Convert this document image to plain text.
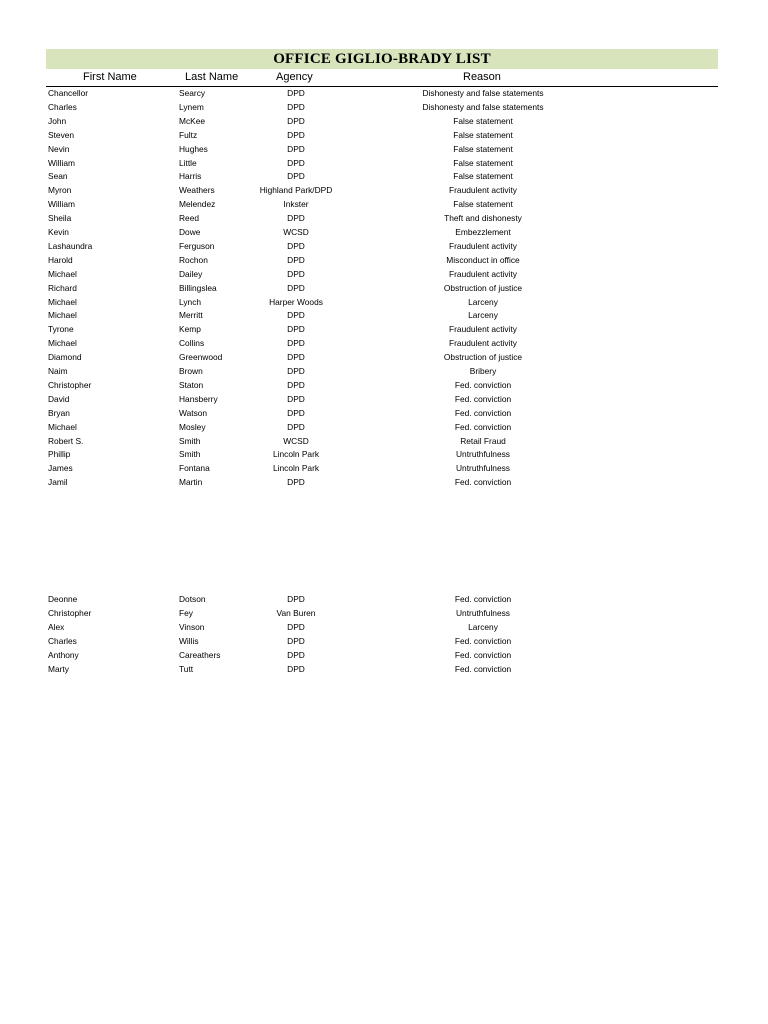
OFFICE GIGLIO-BRADY LIST
First Name	Last Name	Agency	Reason
Chancellor	Searcy	DPD	Dishonesty and false statements
Charles	Lynem	DPD	Dishonesty and false statements
John	McKee	DPD	False statement
Steven	Fultz	DPD	False statement
Nevin	Hughes	DPD	False statement
William	Little	DPD	False statement
Sean	Harris	DPD	False statement
Myron	Weathers	Highland Park/DPD	Fraudulent activity
William	Melendez	Inkster	False statement
Sheila	Reed	DPD	Theft and dishonesty
Kevin	Dowe	WCSD	Embezzlement
Lashaundra	Ferguson	DPD	Fraudulent activity
Harold	Rochon	DPD	Misconduct in office
Michael	Dailey	DPD	Fraudulent activity
Richard	Billingslea	DPD	Obstruction of justice
Michael	Lynch	Harper Woods	Larceny
Michael	Merritt	DPD	Larceny
Tyrone	Kemp	DPD	Fraudulent activity
Michael	Collins	DPD	Fraudulent activity
Diamond	Greenwood	DPD	Obstruction of justice
Naim	Brown	DPD	Bribery
Christopher	Staton	DPD	Fed. conviction
David	Hansberry	DPD	Fed. conviction
Bryan	Watson	DPD	Fed. conviction
Michael	Mosley	DPD	Fed. conviction
Robert S.	Smith	WCSD	Retail Fraud
Phillip	Smith	Lincoln Park	Untruthfulness
James	Fontana	Lincoln Park	Untruthfulness
Jamil	Martin	DPD	Fed. conviction
Deonne	Dotson	DPD	Fed. conviction
Christopher	Fey	Van Buren	Untruthfulness
Alex	Vinson	DPD	Larceny
Charles	Willis	DPD	Fed. conviction
Anthony	Careathers	DPD	Fed. conviction
Marty	Tutt	DPD	Fed. conviction
